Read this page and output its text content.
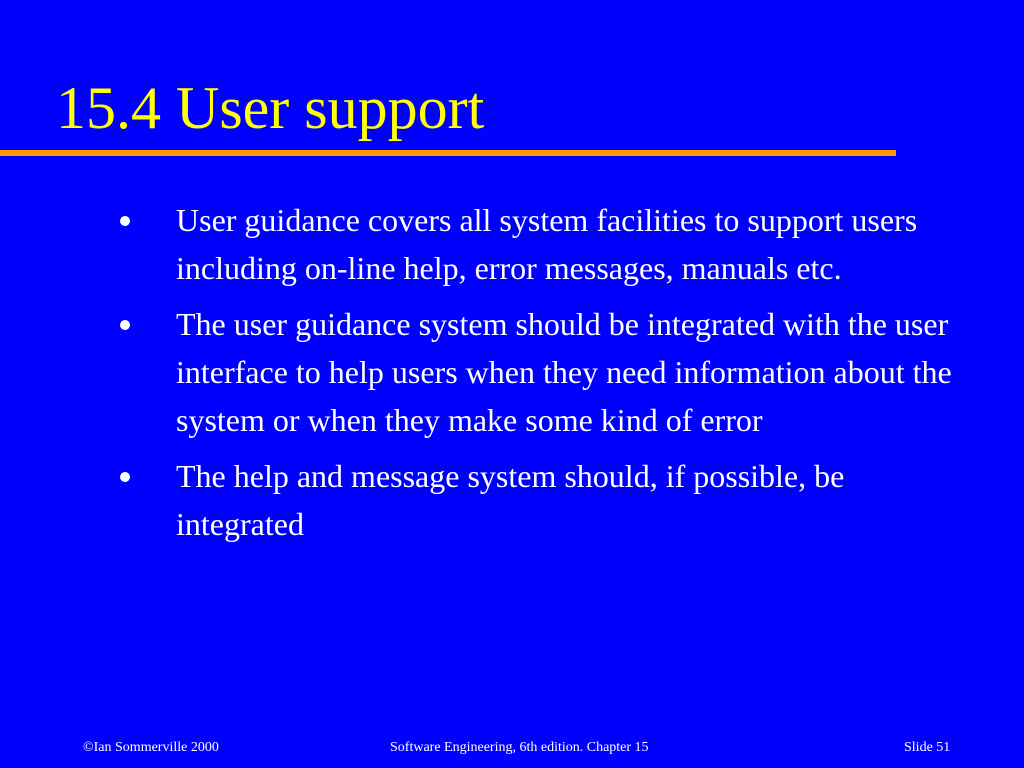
15.4 User support
User guidance covers all system facilities to support users including on-line help, error messages, manuals etc.
The user guidance system should be integrated with the user interface to help users when they need information about the system or when they make some kind of error
The help and message system should, if possible, be integrated
©Ian Sommerville 2000	Software Engineering, 6th edition. Chapter 15	Slide 51
